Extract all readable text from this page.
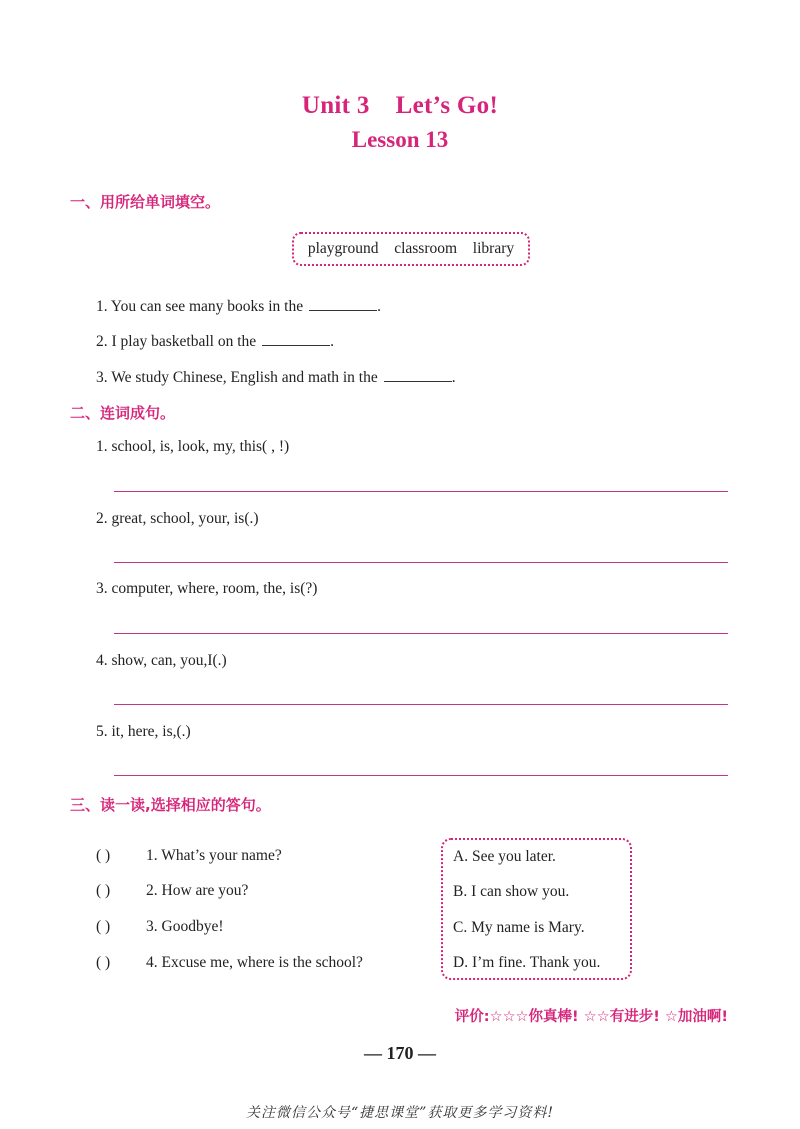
Unit 3 Let’s Go!
Lesson 13
一、用所给单词填空。
playground classroom library
1. You can see many books in the	.
2. I play basketball on the	.
3. We study Chinese, English and math in the	.
二、连词成句。
1. school, is, look, my, this( , !)
2. great, school, your, is(.)
3. computer, where, room, the, is(?)
4. show, can, you,I(.)
5. it, here, is,(.)
三、读一读,选择相应的答句。
( ) 1. What’s your name?
( ) 2. How are you?
( ) 3. Goodbye!
( ) 4. Excuse me, where is the school?
A. See you later.
B. I can show you.
C. My name is Mary.
D. I’m fine. Thank you.
评价:☆☆☆你真棒! ☆☆有进步! ☆加油啊!
— 170 —
关注微信公众号“捷思课堂”获取更多学习资料!
